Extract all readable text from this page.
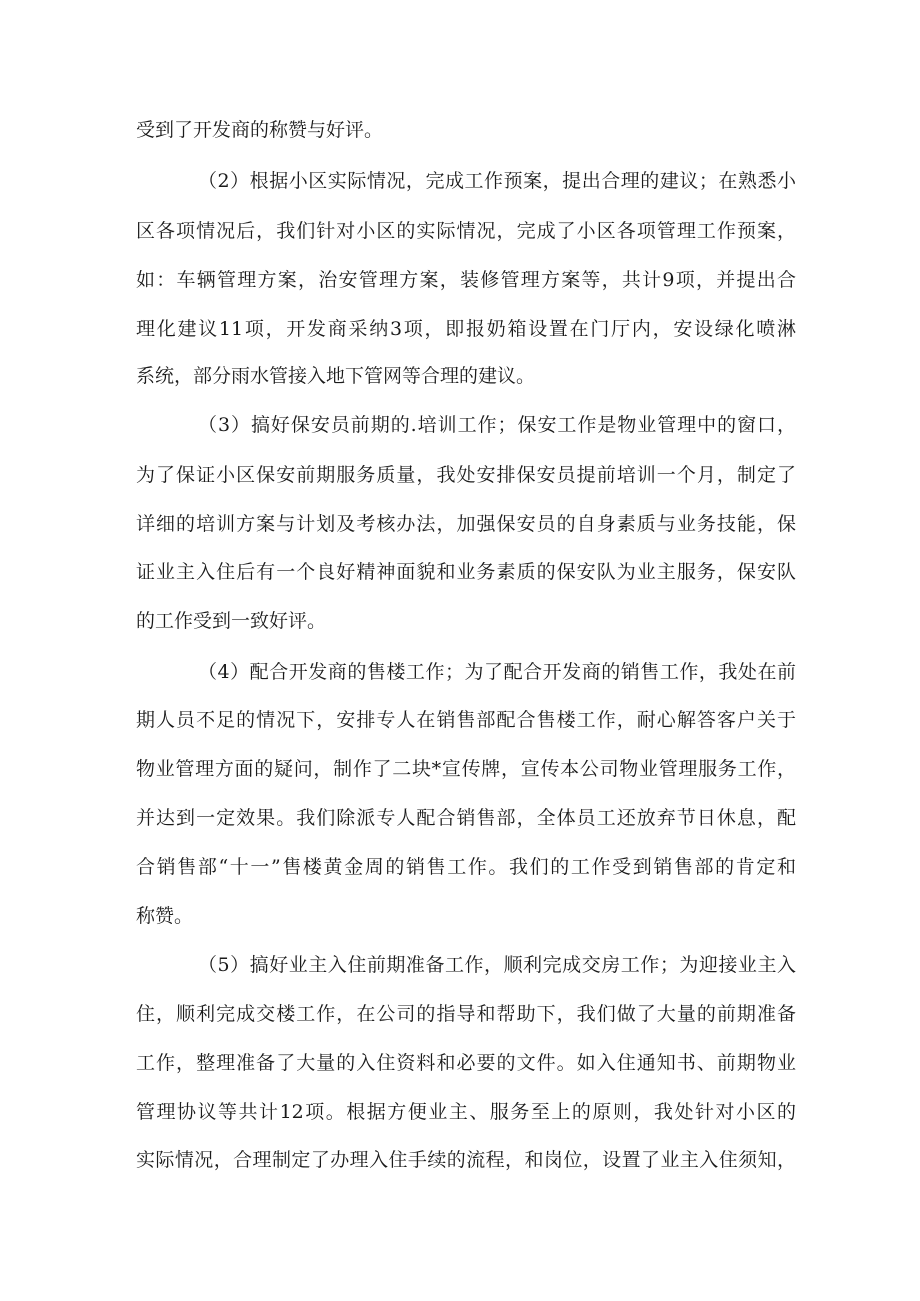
受到了开发商的称赞与好评。
（2）根据小区实际情况，完成工作预案，提出合理的建议；在熟悉小
区各项情况后，我们针对小区的实际情况，完成了小区各项管理工作预案，
如：车辆管理方案，治安管理方案，装修管理方案等，共计9项，并提出合
理化建议11项，开发商采纳3项，即报奶箱设置在门厅内，安设绿化喷淋
系统，部分雨水管接入地下管网等合理的建议。
（3）搞好保安员前期的.培训工作；保安工作是物业管理中的窗口，
为了保证小区保安前期服务质量，我处安排保安员提前培训一个月，制定了
详细的培训方案与计划及考核办法，加强保安员的自身素质与业务技能，保
证业主入住后有一个良好精神面貌和业务素质的保安队为业主服务，保安队
的工作受到一致好评。
（4）配合开发商的售楼工作；为了配合开发商的销售工作，我处在前
期人员不足的情况下，安排专人在销售部配合售楼工作，耐心解答客户关于
物业管理方面的疑问，制作了二块*宣传牌，宣传本公司物业管理服务工作，
并达到一定效果。我们除派专人配合销售部，全体员工还放弃节日休息，配
合销售部“十一”售楼黄金周的销售工作。我们的工作受到销售部的肯定和
称赞。
（5）搞好业主入住前期准备工作，顺利完成交房工作；为迎接业主入
住，顺利完成交楼工作，在公司的指导和帮助下，我们做了大量的前期准备
工作，整理准备了大量的入住资料和必要的文件。如入住通知书、前期物业
管理协议等共计12项。根据方便业主、服务至上的原则，我处针对小区的
实际情况，合理制定了办理入住手续的流程，和岗位，设置了业主入住须知，
